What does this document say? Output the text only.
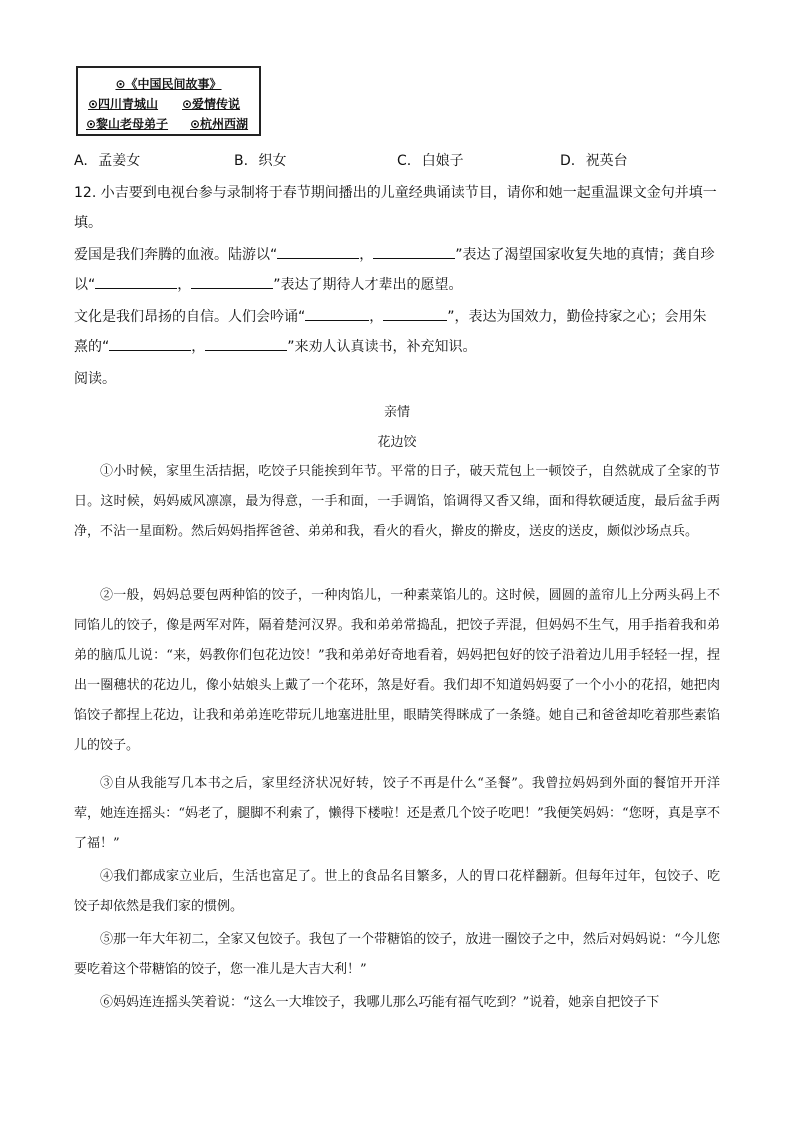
⊙《中国民间故事》
⊙四川青城山 ⊙爱情传说
⊙黎山老母弟子 ⊙杭州西湖
A. 孟姜女	B. 织女	C. 白娘子	D. 祝英台
12. 小吉要到电视台参与录制将于春节期间播出的儿童经典诵读节目，请你和她一起重温课文金句并填一填。
爱国是我们奔腾的血液。陆游以“	，	”表达了渴望国家收复失地的真情；龚自珍以“	，	”表达了期待人才辈出的愿望。
文化是我们昂扬的自信。人们会吟诵“	，	”，表达为国效力，勤俭持家之心；会用朱熹的“	，	”来劝人认真读书，补充知识。
阅读。
亲情
花边饺

①小时候，家里生活拮据，吃饺子只能挨到年节。平常的日子，破天荒包上一顿饺子，自然就成了全家的节日。这时候，妈妈威风凛凛，最为得意，一手和面，一手调馅，馅调得又香又绵，面和得软硬适度，最后盆手两净，不沾一星面粉。然后妈妈指挥爸爸、弟弟和我，看火的看火，擀皮的擀皮，送皮的送皮，颇似沙场点兵。

②一般，妈妈总要包两种馅的饺子，一种肉馅儿，一种素菜馅儿的。这时候，圆圆的盖帘儿上分两头码上不同馅儿的饺子，像是两军对阵，隔着楚河汉界。我和弟弟常捣乱，把饺子弄混，但妈妈不生气，用手指着我和弟弟的脑瓜儿说：“来，妈教你们包花边饺！”我和弟弟好奇地看着，妈妈把包好的饺子沿着边儿用手轻轻一捏，捏出一圈穗状的花边儿，像小姑娘头上戴了一个花环，煞是好看。我们却不知道妈妈耍了一个小小的花招，她把肉馅饺子都捏上花边，让我和弟弟连吃带玩儿地塞进肚里，眼睛笑得眯成了一条缝。她自己和爸爸却吃着那些素馅儿的饺子。

③自从我能写几本书之后，家里经济状况好转，饺子不再是什么“圣餐”。我曾拉妈妈到外面的餐馆开开洋荤，她连连摇头：“妈老了，腿脚不利索了，懒得下楼啦！还是煮几个饺子吃吧！”我便笑妈妈：“您呀，真是享不了福！”

④我们都成家立业后，生活也富足了。世上的食品名目繁多，人的胃口花样翻新。但每年过年，包饺子、吃饺子却依然是我们家的惯例。

⑤那一年大年初二，全家又包饺子。我包了一个带糖馅的饺子，放进一圈饺子之中，然后对妈妈说：“今儿您要吃着这个带糖馅的饺子，您一准儿是大吉大利！”

⑥妈妈连连摇头笑着说：“这么一大堆饺子，我哪儿那么巧能有福气吃到？”说着，她亲自把饺子下
